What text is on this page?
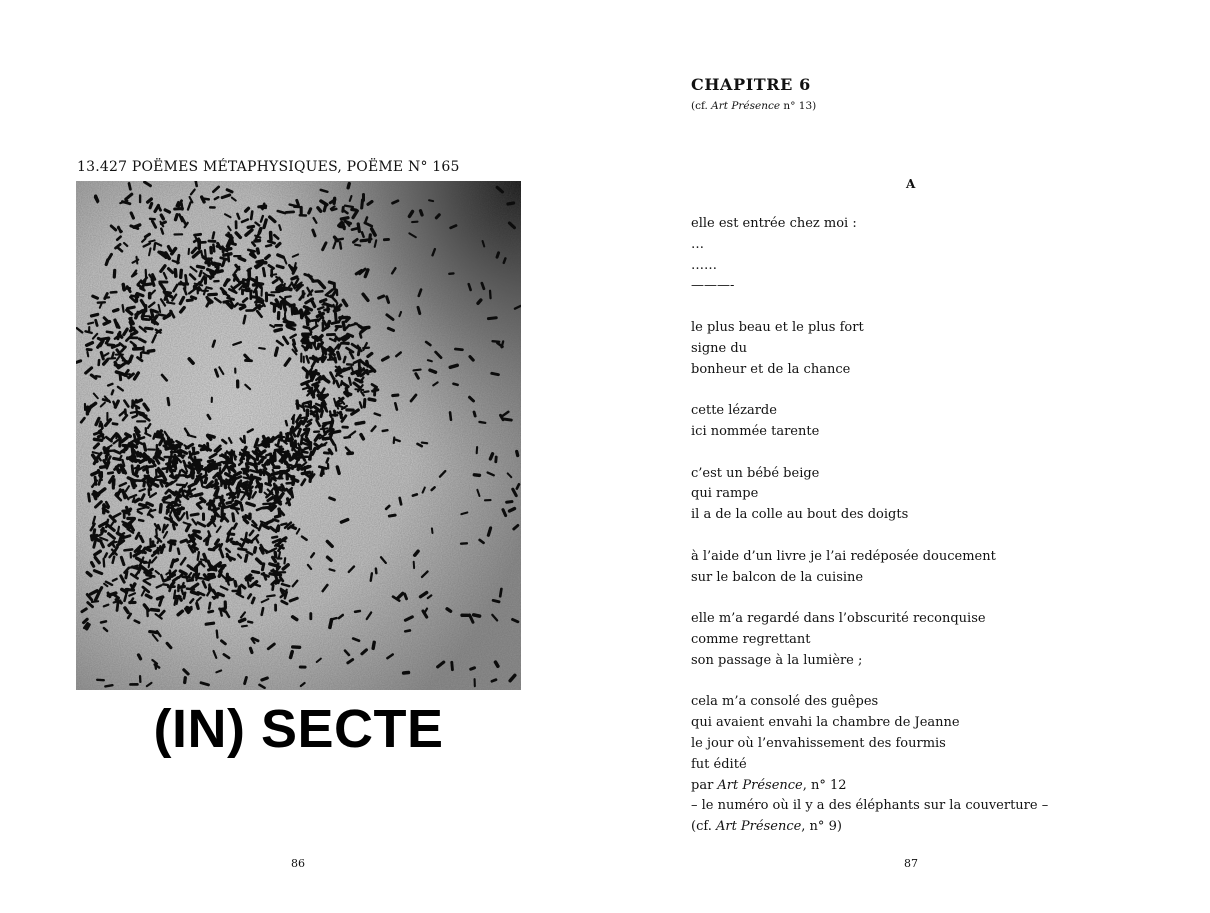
13.427 POËMES MÉTAPHYSIQUES, POËME N° 165
(IN) SECTE

86

CHAPITRE 6

(cf. Art Présence n° 13)

A

elle est entrée chez moi :
…
……
———-
le plus beau et le plus fort
signe du
bonheur et de la chance
cette lézarde
ici nommée tarente
c’est un bébé beige
qui rampe
il a de la colle au bout des doigts
à l’aide d’un livre je l’ai redéposée doucement
sur le balcon de la cuisine
elle m’a regardé dans l’obscurité reconquise
comme regrettant
son passage à la lumière ;
cela m’a consolé des guêpes
qui avaient envahi la chambre de Jeanne
le jour où l’envahissement des fourmis
fut édité
par Art Présence, n° 12
– le numéro où il y a des éléphants sur la couverture –
(cf. Art Présence, n° 9)

87
